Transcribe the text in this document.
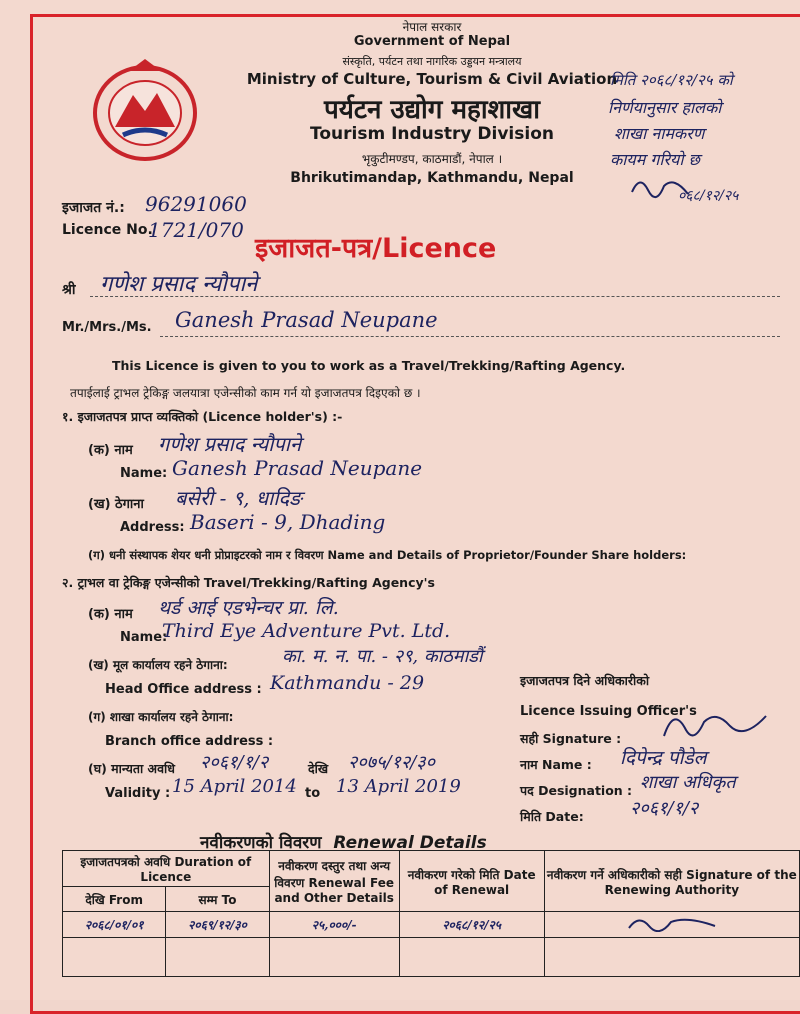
नेपाल सरकार
Government of Nepal
संस्कृति, पर्यटन तथा नागरिक उड्डयन मन्त्रालय
Ministry of Culture, Tourism & Civil Aviation
पर्यटन उद्योग महाशाखा
Tourism Industry Division
भृकुटीमण्डप, काठमाडौं, नेपाल ।
Bhrikutimandap, Kathmandu, Nepal
मिति २०६८/१२/२५ को
निर्णयानुसार हालको
शाखा नामकरण
कायम गरियो छ
०६८/१२/२५
इजाजत नं.: 96291060
Licence No.
1721/070
इजाजत-पत्र/Licence
श्री गणेश प्रसाद न्यौपाने
Mr./Mrs./Ms. Ganesh Prasad Neupane
This Licence is given to you to work as a Travel/Trekking/Rafting Agency.
तपाईलाई ट्राभल ट्रेकिङ्ग जलयात्रा एजेन्सीको काम गर्न यो इजाजतपत्र दिइएको छ ।
१. इजाजतपत्र प्राप्त व्यक्तिको (Licence holder's) :-
(क) नाम गणेश प्रसाद न्यौपाने
Name: Ganesh Prasad Neupane
(ख) ठेगाना बसेरी - ९, धादिङ
Address: Baseri - 9, Dhading
(ग) धनी संस्थापक शेयर धनी प्रोप्राइटरको नाम र विवरण Name and Details of Proprietor/Founder Share holders:
२. ट्राभल वा ट्रेकिङ्ग एजेन्सीको Travel/Trekking/Rafting Agency's
(क) नाम थर्ड आई एडभेन्चर प्रा. लि.
Name:
Third Eye Adventure Pvt. Ltd.
(ख) मूल कार्यालय रहने ठेगाना:	का. म. न. पा. - २९, काठमाडौं
Head Office address : Kathmandu - 29
(ग) शाखा कार्यालय रहने ठेगाना:
Branch office address :
(घ) मान्यता अवधि २०६१/१/२	देखि २०७५/१२/३०
Validity : 15 April 2014 to 13 April 2019
इजाजतपत्र दिने अधिकारीको
Licence Issuing Officer's
सही Signature :
नाम Name : दिपेन्द्र पौडेल
पद Designation : शाखा अधिकृत
मिति Date:	२०६१/१/२
नवीकरणको विवरण Renewal Details
इजाजतपत्रको अवधि Duration of Licence		नवीकरण दस्तुर तथा अन्य विवरण Renewal Fee and Other Details	नवीकरण गरेको मिति Date of Renewal	नवीकरण गर्ने अधिकारीको सही Signature of the Renewing Authority
देखि From	सम्म To			
२०६८/०१/०१	२०६९/१२/३०	२५,०००/-	२०६८/१२/२५	
